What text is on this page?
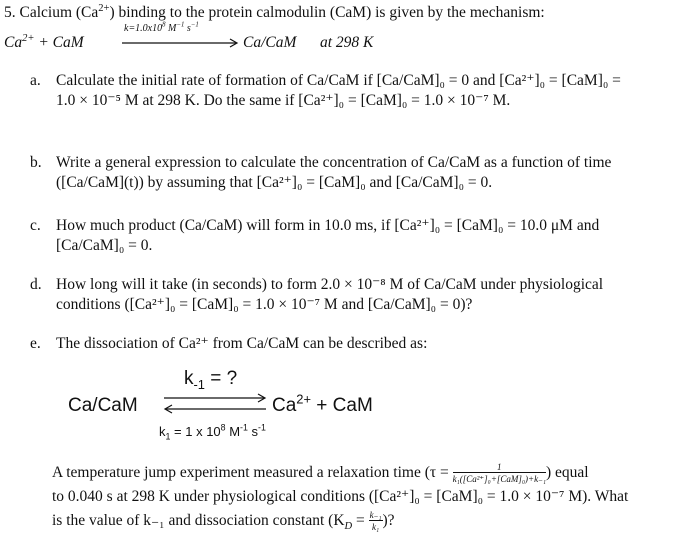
5. Calcium $(Ca^{2+})$ binding to the protein calmodulin (CaM) is given by the mechanism:
$Ca^{2+}$ + CaM
$k=1.0x10^8$ $M^{-1}$ $s^{-1}$
Ca/CaM at 298 K
a. Calculate the initial rate of formation of Ca/CaM if [Ca/CaM]₀ = 0 and [Ca²⁺]₀ = [CaM]₀ =
1.0 × 10⁻⁵ M at 298 K. Do the same if [Ca²⁺]₀ = [CaM]₀ = 1.0 × 10⁻⁷ M.
b. Write a general expression to calculate the concentration of Ca/CaM as a function of time
([Ca/CaM](t)) by assuming that [Ca²⁺]₀ = [CaM]₀ and [Ca/CaM]₀ = 0.
c. How much product (Ca/CaM) will form in 10.0 ms, if [Ca²⁺]₀ = [CaM]₀ = 10.0 μM and
[Ca/CaM]₀ = 0.
d. How long will it take (in seconds) to form 2.0 × 10⁻⁸ M of Ca/CaM under physiological
conditions ([Ca²⁺]₀ = [CaM]₀ = 1.0 × 10⁻⁷ M and [Ca/CaM]₀ = 0)?
e. The dissociation of Ca²⁺ from Ca/CaM can be described as:
$k_{-1}$ = ?
Ca/CaM	$Ca^{2+}$ + CaM
$k_1 = 1$ x $10^8$ $M^{-1}$ $s^{-1}$
A temperature jump experiment measured a relaxation time ($\tau = \frac{1}{\text{k₁([Ca²⁺]₀+[CaM]₀)+k₋₁}}$ ) equal
to 0.040 s at 298 K under physiological conditions ([Ca²⁺]₀ = [CaM]₀ = 1.0 × 10⁻⁷ M). What
is the value of k₋₁ and dissociation constant ($K_D = \frac{\text{k₋₁}}{\text{k₁}}$ )?
